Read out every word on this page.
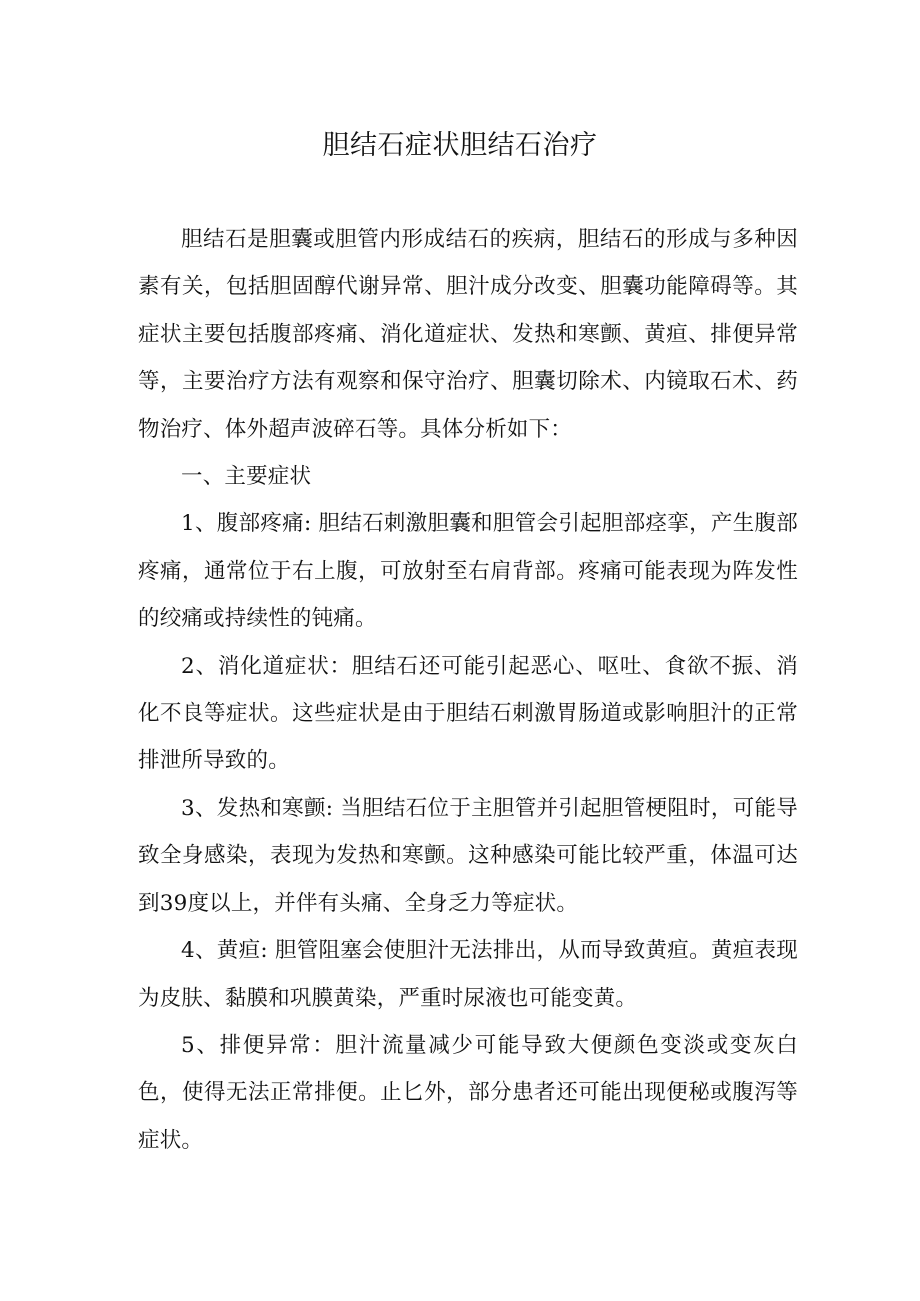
胆结石症状胆结石治疗

胆结石是胆囊或胆管内形成结石的疾病，胆结石的形成与多种因素有关，包括胆固醇代谢异常、胆汁成分改变、胆囊功能障碍等。其症状主要包括腹部疼痛、消化道症状、发热和寒颤、黄疸、排便异常等，主要治疗方法有观察和保守治疗、胆囊切除术、内镜取石术、药物治疗、体外超声波碎石等。具体分析如下：

一、主要症状

1、腹部疼痛: 胆结石刺激胆囊和胆管会引起胆部痉挛，产生腹部疼痛，通常位于右上腹，可放射至右肩背部。疼痛可能表现为阵发性的绞痛或持续性的钝痛。

2、消化道症状：胆结石还可能引起恶心、呕吐、食欲不振、消化不良等症状。这些症状是由于胆结石刺激胃肠道或影响胆汁的正常排泄所导致的。

3、发热和寒颤: 当胆结石位于主胆管并引起胆管梗阻时，可能导致全身感染，表现为发热和寒颤。这种感染可能比较严重，体温可达到39度以上，并伴有头痛、全身乏力等症状。

4、黄疸: 胆管阻塞会使胆汁无法排出，从而导致黄疸。黄疸表现为皮肤、黏膜和巩膜黄染，严重时尿液也可能变黄。

5、排便异常：胆汁流量减少可能导致大便颜色变淡或变灰白色，使得无法正常排便。止匕外，部分患者还可能出现便秘或腹泻等症状。
